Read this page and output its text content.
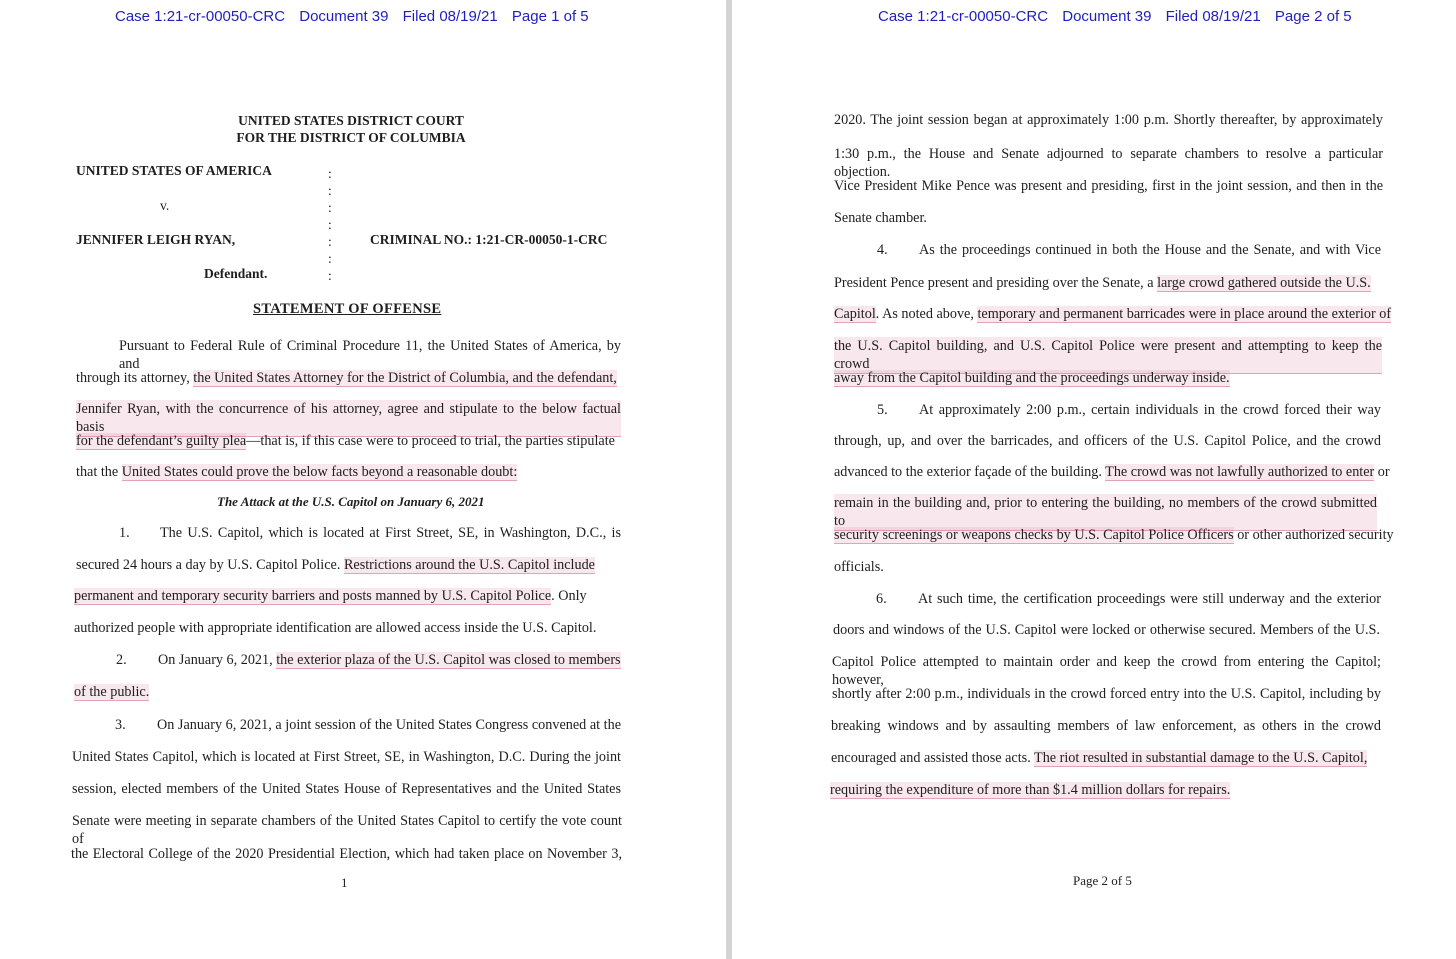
Case 1:21-cr-00050-CRC Document 39 Filed 08/19/21 Page 1 of 5
UNITED STATES DISTRICT COURT
FOR THE DISTRICT OF COLUMBIA
UNITED STATES OF AMERICA
v.
JENNIFER LEIGH RYAN,
Defendant.
CRIMINAL NO.: 1:21-CR-00050-1-CRC
:
:
:
:
:
:
:
STATEMENT OF OFFENSE
Pursuant to Federal Rule of Criminal Procedure 11, the United States of America, by and
through its attorney, the United States Attorney for the District of Columbia, and the defendant,
Jennifer Ryan, with the concurrence of his attorney, agree and stipulate to the below factual basis
for the defendant’s guilty plea—that is, if this case were to proceed to trial, the parties stipulate
that the United States could prove the below facts beyond a reasonable doubt:
The Attack at the U.S. Capitol on January 6, 2021
1. The U.S. Capitol, which is located at First Street, SE, in Washington, D.C., is
secured 24 hours a day by U.S. Capitol Police. Restrictions around the U.S. Capitol include
permanent and temporary security barriers and posts manned by U.S. Capitol Police. Only
authorized people with appropriate identification are allowed access inside the U.S. Capitol.
2. On January 6, 2021, the exterior plaza of the U.S. Capitol was closed to members
of the public.
3. On January 6, 2021, a joint session of the United States Congress convened at the
United States Capitol, which is located at First Street, SE, in Washington, D.C. During the joint
session, elected members of the United States House of Representatives and the United States
Senate were meeting in separate chambers of the United States Capitol to certify the vote count of
the Electoral College of the 2020 Presidential Election, which had taken place on November 3,
1
Case 1:21-cr-00050-CRC Document 39 Filed 08/19/21 Page 2 of 5
2020. The joint session began at approximately 1:00 p.m. Shortly thereafter, by approximately
1:30 p.m., the House and Senate adjourned to separate chambers to resolve a particular objection.
Vice President Mike Pence was present and presiding, first in the joint session, and then in the
Senate chamber.
4. As the proceedings continued in both the House and the Senate, and with Vice
President Pence present and presiding over the Senate, a large crowd gathered outside the U.S.
Capitol. As noted above, temporary and permanent barricades were in place around the exterior of
the U.S. Capitol building, and U.S. Capitol Police were present and attempting to keep the crowd
away from the Capitol building and the proceedings underway inside.
5. At approximately 2:00 p.m., certain individuals in the crowd forced their way
through, up, and over the barricades, and officers of the U.S. Capitol Police, and the crowd
advanced to the exterior façade of the building. The crowd was not lawfully authorized to enter or
remain in the building and, prior to entering the building, no members of the crowd submitted to
security screenings or weapons checks by U.S. Capitol Police Officers or other authorized security
officials.
6. At such time, the certification proceedings were still underway and the exterior
doors and windows of the U.S. Capitol were locked or otherwise secured. Members of the U.S.
Capitol Police attempted to maintain order and keep the crowd from entering the Capitol; however,
shortly after 2:00 p.m., individuals in the crowd forced entry into the U.S. Capitol, including by
breaking windows and by assaulting members of law enforcement, as others in the crowd
encouraged and assisted those acts. The riot resulted in substantial damage to the U.S. Capitol,
requiring the expenditure of more than $1.4 million dollars for repairs.
Page 2 of 5
